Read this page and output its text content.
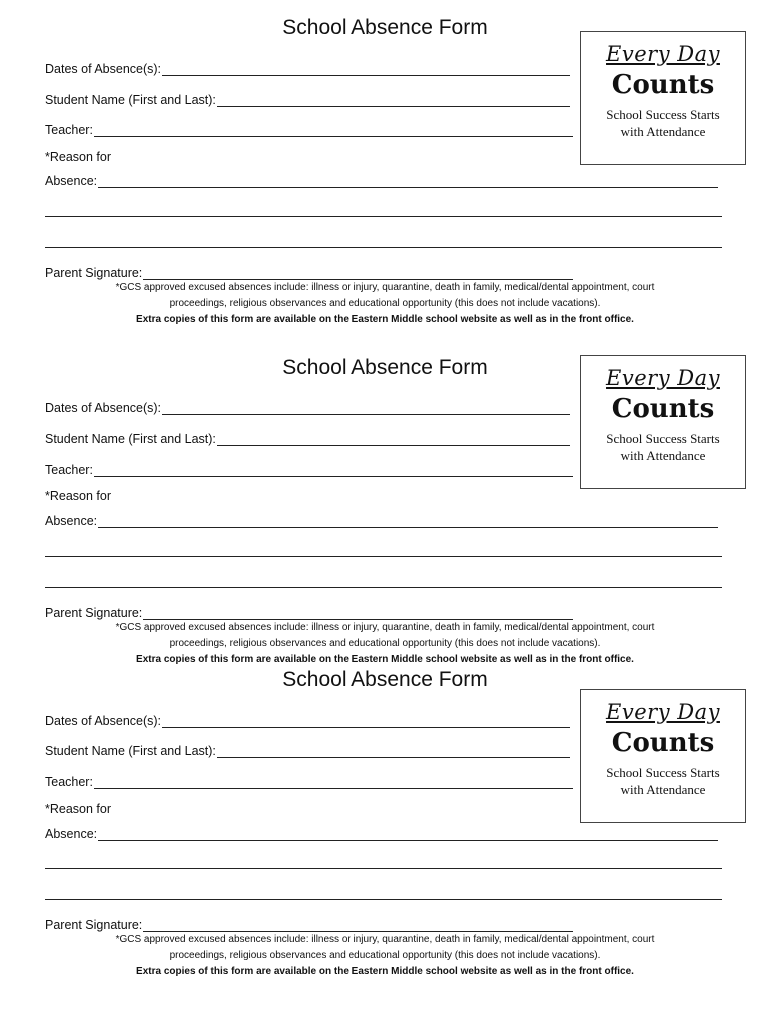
School Absence Form
Dates of Absence(s):
Student Name (First and Last):
Teacher:
*Reason for
Absence:
Parent Signature:
Every Day
Counts
School Success Starts
with Attendance
*GCS approved excused absences include: illness or injury, quarantine, death in family, medical/dental appointment, court
proceedings, religious observances and educational opportunity (this does not include vacations).
Extra copies of this form are available on the Eastern Middle school website as well as in the front office.
School Absence Form
Dates of Absence(s):
Student Name (First and Last):
Teacher:
*Reason for
Absence:
Parent Signature:
Every Day
Counts
School Success Starts
with Attendance
*GCS approved excused absences include: illness or injury, quarantine, death in family, medical/dental appointment, court
proceedings, religious observances and educational opportunity (this does not include vacations).
Extra copies of this form are available on the Eastern Middle school website as well as in the front office.
School Absence Form
Dates of Absence(s):
Student Name (First and Last):
Teacher:
*Reason for
Absence:
Parent Signature:
Every Day
Counts
School Success Starts
with Attendance
*GCS approved excused absences include: illness or injury, quarantine, death in family, medical/dental appointment, court
proceedings, religious observances and educational opportunity (this does not include vacations).
Extra copies of this form are available on the Eastern Middle school website as well as in the front office.
